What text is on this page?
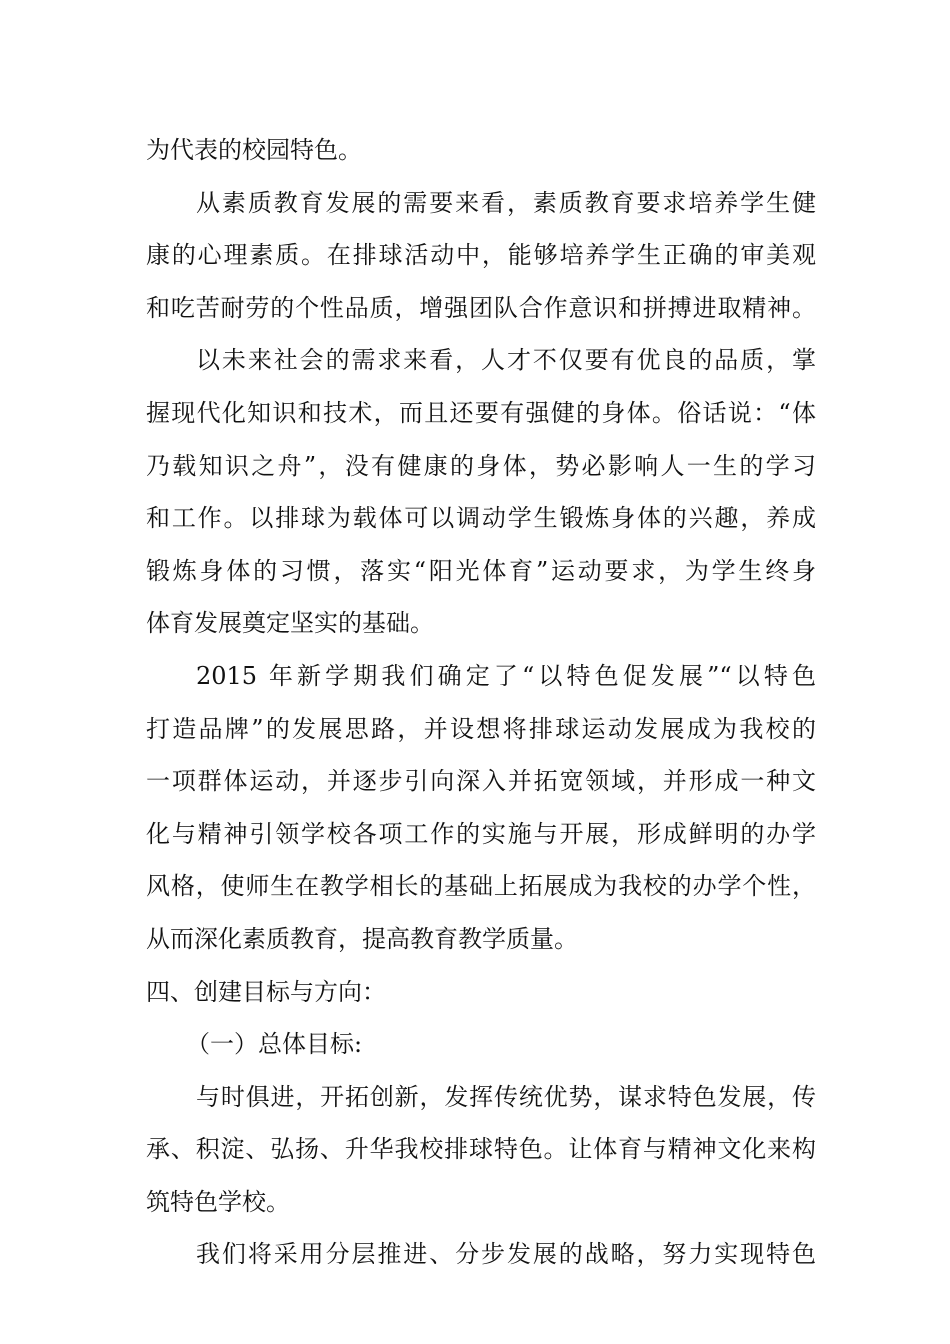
为代表的校园特色。
从素质教育发展的需要来看，素质教育要求培养学生健
康的心理素质。在排球活动中，能够培养学生正确的审美观
和吃苦耐劳的个性品质，增强团队合作意识和拼搏进取精神。
以未来社会的需求来看，人才不仅要有优良的品质，掌
握现代化知识和技术，而且还要有强健的身体。俗话说：“体
乃载知识之舟”，没有健康的身体，势必影响人一生的学习
和工作。以排球为载体可以调动学生锻炼身体的兴趣，养成
锻炼身体的习惯，落实“阳光体育”运动要求，为学生终身
体育发展奠定坚实的基础。
2015 年新学期我们确定了“以特色促发展”“以特色
打造品牌”的发展思路，并设想将排球运动发展成为我校的
一项群体运动，并逐步引向深入并拓宽领域，并形成一种文
化与精神引领学校各项工作的实施与开展，形成鲜明的办学
风格，使师生在教学相长的基础上拓展成为我校的办学个性，
从而深化素质教育，提高教育教学质量。
四、创建目标与方向：
（一）总体目标:
与时俱进，开拓创新，发挥传统优势，谋求特色发展，传
承、积淀、弘扬、升华我校排球特色。让体育与精神文化来构
筑特色学校。
我们将采用分层推进、分步发展的战略，努力实现特色
